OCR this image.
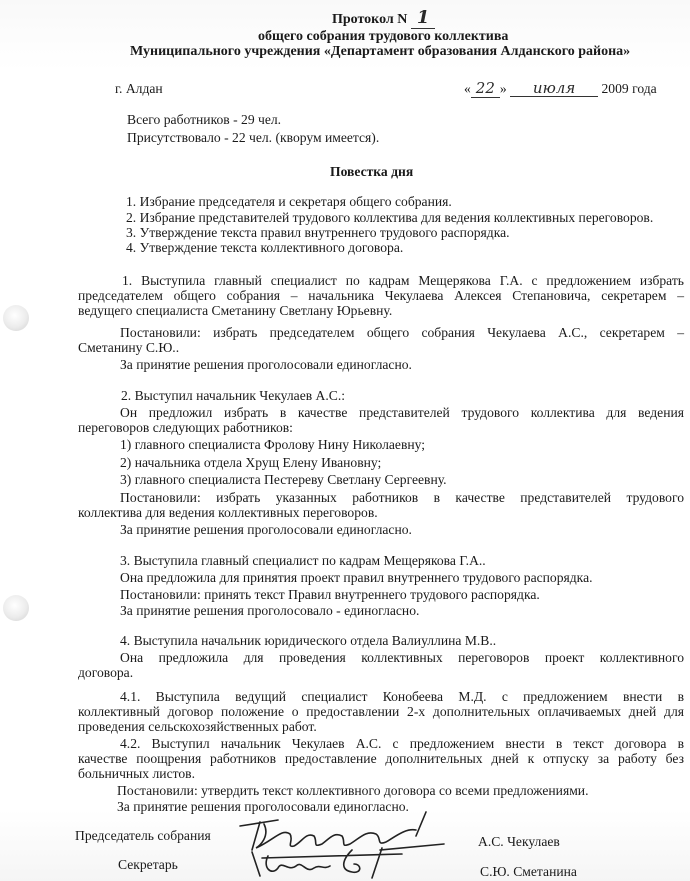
Протокол N 1
общего собрания трудового коллектива
Муниципального учреждения «Департамент образования Алданского района»
г. Алдан	« 22 » июля 2009 года
Всего работников - 29 чел.
Присутствовало - 22 чел. (кворум имеется).
Повестка дня
1. Избрание председателя и секретаря общего собрания.
2. Избрание представителей трудового коллектива для ведения коллективных переговоров.
3. Утверждение текста правил внутреннего трудового распорядка.
4. Утверждение текста коллективного договора.
1. Выступила главный специалист по кадрам Мещерякова Г.А. с предложением избрать
председателем общего собрания – начальника Чекулаева Алексея Степановича, секретарем –
ведущего специалиста Сметанину Светлану Юрьевну.
Постановили: избрать председателем общего собрания Чекулаева А.С., секретарем –
Сметанину С.Ю..
За принятие решения проголосовали единогласно.
2. Выступил начальник Чекулаев А.С.:
Он предложил избрать в качестве представителей трудового коллектива для ведения
переговоров следующих работников:
1) главного специалиста Фролову Нину Николаевну;
2) начальника отдела Хрущ Елену Ивановну;
3) главного специалиста Пестереву Светлану Сергеевну.
Постановили: избрать указанных работников в качестве представителей трудового
коллектива для ведения коллективных переговоров.
За принятие решения проголосовали единогласно.
3. Выступила главный специалист по кадрам Мещерякова Г.А..
Она предложила для принятия проект правил внутреннего трудового распорядка.
Постановили: принять текст Правил внутреннего трудового распорядка.
За принятие решения проголосовало - единогласно.
4. Выступила начальник юридического отдела Валиуллина М.В..
Она предложила для проведения коллективных переговоров проект коллективного
договора.
4.1. Выступила ведущий специалист Конобеева М.Д. с предложением внести в
коллективный договор положение о предоставлении 2-х дополнительных оплачиваемых дней для
проведения сельскохозяйственных работ.
4.2. Выступил начальник Чекулаев А.С. с предложением внести в текст договора в
качестве поощрения работников предоставление дополнительных дней к отпуску за работу без
больничных листов.
Постановили: утвердить текст коллективного договора со всеми предложениями.
За принятие решения проголосовали единогласно.
Председатель собрания	А.С. Чекулаев
Секретарь	С.Ю. Сметанина
